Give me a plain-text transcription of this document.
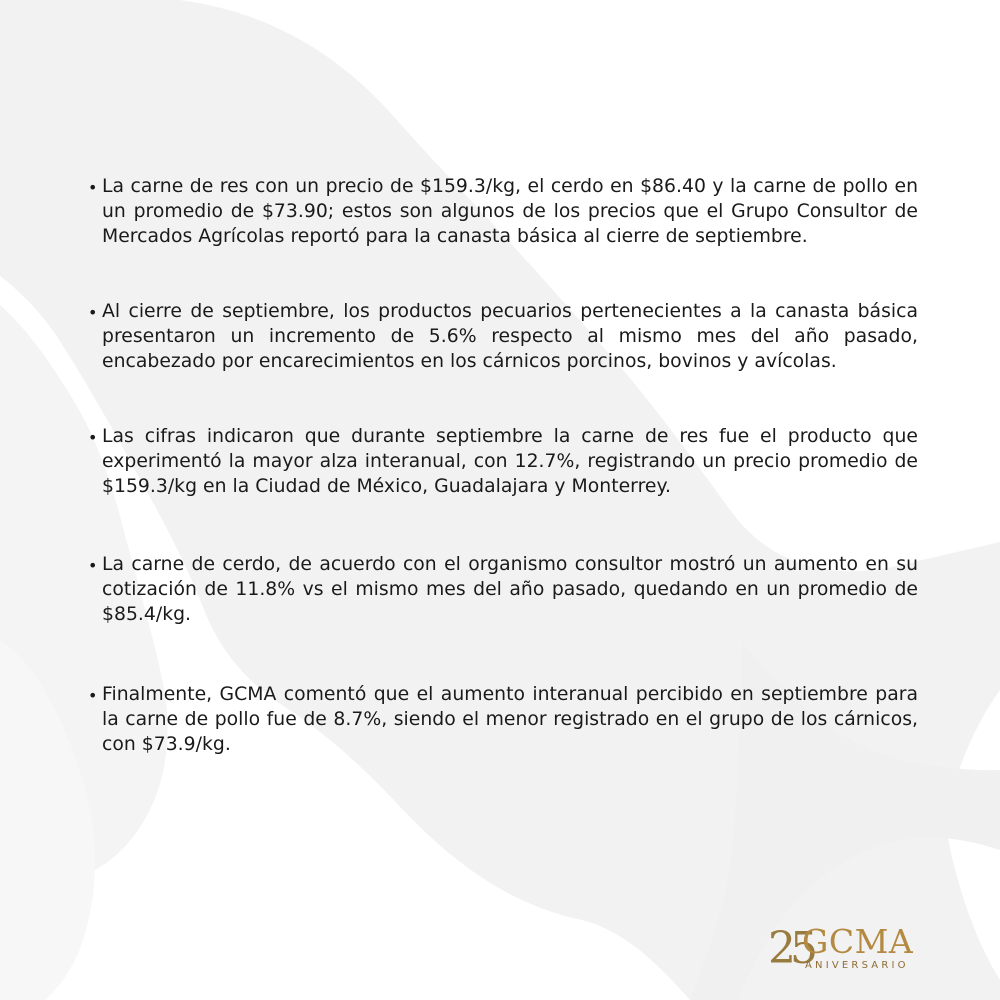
• La carne de res con un precio de $159.3/kg, el cerdo en $86.40 y la carne de pollo en un promedio de $73.90; estos son algunos de los precios que el Grupo Consultor de Mercados Agrícolas reportó para la canasta básica al cierre de septiembre.
• Al cierre de septiembre, los productos pecuarios pertenecientes a la canasta básica presentaron un incremento de 5.6% respecto al mismo mes del año pasado, encabezado por encarecimientos en los cárnicos porcinos, bovinos y avícolas.
• Las cifras indicaron que durante septiembre la carne de res fue el producto que experimentó la mayor alza interanual, con 12.7%, registrando un precio promedio de $159.3/kg en la Ciudad de México, Guadalajara y Monterrey.
• La carne de cerdo, de acuerdo con el organismo consultor mostró un aumento en su cotización de 11.8% vs el mismo mes del año pasado, quedando en un promedio de $85.4/kg.
• Finalmente, GCMA comentó que el aumento interanual percibido en septiembre para la carne de pollo fue de 8.7%, siendo el menor registrado en el grupo de los cárnicos, con $73.9/kg.
25
GCMA
ANIVERSARIO
